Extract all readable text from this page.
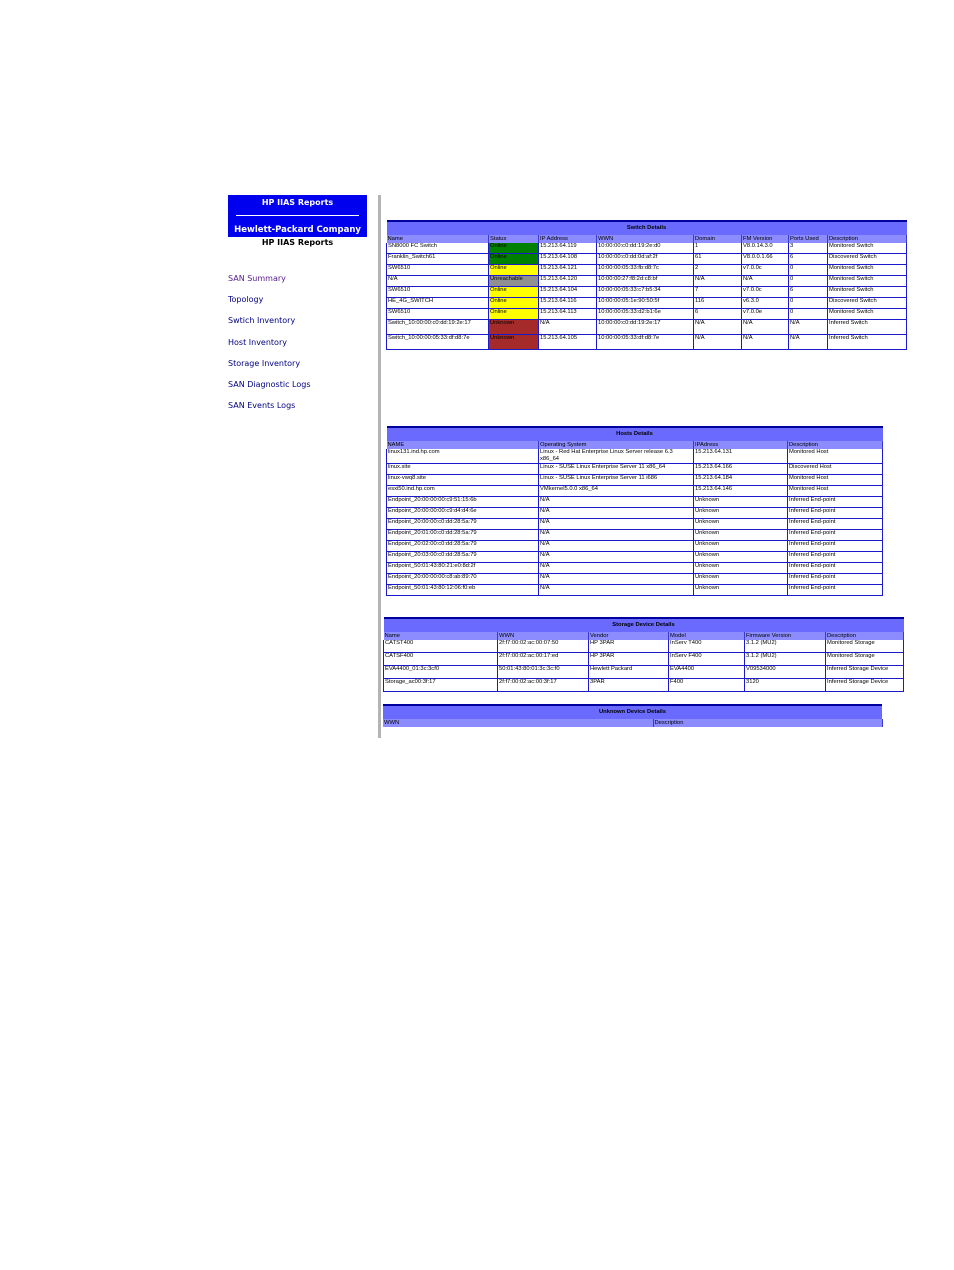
HP IIAS Reports
Hewlett-Packard Company
HP IIAS Reports
SAN Summary
Topology
Swtich Inventory
Host Inventory
Storage Inventory
SAN Diagnostic Logs
SAN Events Logs
Switch Details							
Name	Status	IP Address	WWN	Domain	FM Version	Ports Used	Description
SN8000 FC Switch	Online	15.213.64.119	10:00:00:c0:dd:19:2e:d0	1	V8.0.14.3.0	3	Monitored Switch
Franklin_Switch61	Online	15.213.64.108	10:00:00:c0:dd:0d:af:2f	61	V8.0.0.1.66	6	Discovered Switch
SW6510	Online	15.213.64.121	10:00:00:05:33:fb:d8:7c	2	v7.0.0c	0	Monitored Switch
N/A	Unreachable	15.213.64.120	10:00:00:27:f8:2d:c8:bf	N/A	N/A	0	Monitored Switch
SW6510	Online	15.213.64.104	10:00:00:05:33:c7:b5:34	7	v7.0.0c	6	Monitored Switch
HE_4G_SWITCH	Online	15.213.64.116	10:00:00:05:1e:90:50:5f	116	v6.3.0	0	Discovered Switch
SW6510	Online	15.213.64.113	10:00:00:05:33:d2:b1:6e	6	v7.0.0e	0	Monitored Switch
Switch_10:00:00:c0:dd:19:2e:17	Unknown	N/A	10:00:00:c0:dd:19:2e:17	N/A	N/A	N/A	Inferred Switch
Switch_10:00:00:05:33:df:d8:7e	Unknown	15.213.64.105	10:00:00:05:33:df:d8:7e	N/A	N/A	N/A	Inferred Switch
Hosts Details			
NAME	Operating System	IPAdress	Description
linux131.ind.hp.com	Linux - Red Hat Enterprise Linux Server release 6.3 x86_64	15.213.64.131	Monitored Host
linux.site	Linux - SUSE Linux Enterprise Server 11 x86_64	15.213.64.166	Discovered Host
linux-vwq8.site	Linux - SUSE Linux Enterprise Server 11 i686	15.213.64.184	Monitored Host
esxi50.ind.hp.com	VMkernel5.0.0 x86_64	15.213.64.146	Monitored Host
Endpoint_20:00:00:00:c9:51:15:6b	N/A	Unknown	Inferred End-point
Endpoint_20:00:00:00:c9:d4:d4:6e	N/A	Unknown	Inferred End-point
Endpoint_20:00:00:c0:dd:28:5a:79	N/A	Unknown	Inferred End-point
Endpoint_20:01:00:c0:dd:28:5a:79	N/A	Unknown	Inferred End-point
Endpoint_20:02:00:c0:dd:28:5a:79	N/A	Unknown	Inferred End-point
Endpoint_20:03:00:c0:dd:28:5a:79	N/A	Unknown	Inferred End-point
Endpoint_50:01:43:80:21:e0:8d:2f	N/A	Unknown	Inferred End-point
Endpoint_20:00:00:00:c8:ab:89:70	N/A	Unknown	Inferred End-point
Endpoint_50:01:43:80:12:06:f0:eb	N/A	Unknown	Inferred End-point
Storage Device Details					
Name	WWN	Vendor	Model	Firmware Version	Description
CATST400	2f:f7:00:02:ac:00:07:50	HP 3PAR	InServ T400	3.1.2 (MU2)	Monitored Storage
CATSF400	2f:f7:00:02:ac:00:17:ed	HP 3PAR	InServ F400	3.1.2 (MU2)	Monitored Storage
EVA4400_01:3c:3cf0	50:01:43:80:01:3c:3c:f0	Hewlett Packard	EVA4400	V09534000	Inferred Storage Device
Storage_ac00:3f:17	2f:f7:00:02:ac:00:3f:17	3PAR	F400	3120	Inferred Storage Device
Unknown Device Details
WWN	Description
